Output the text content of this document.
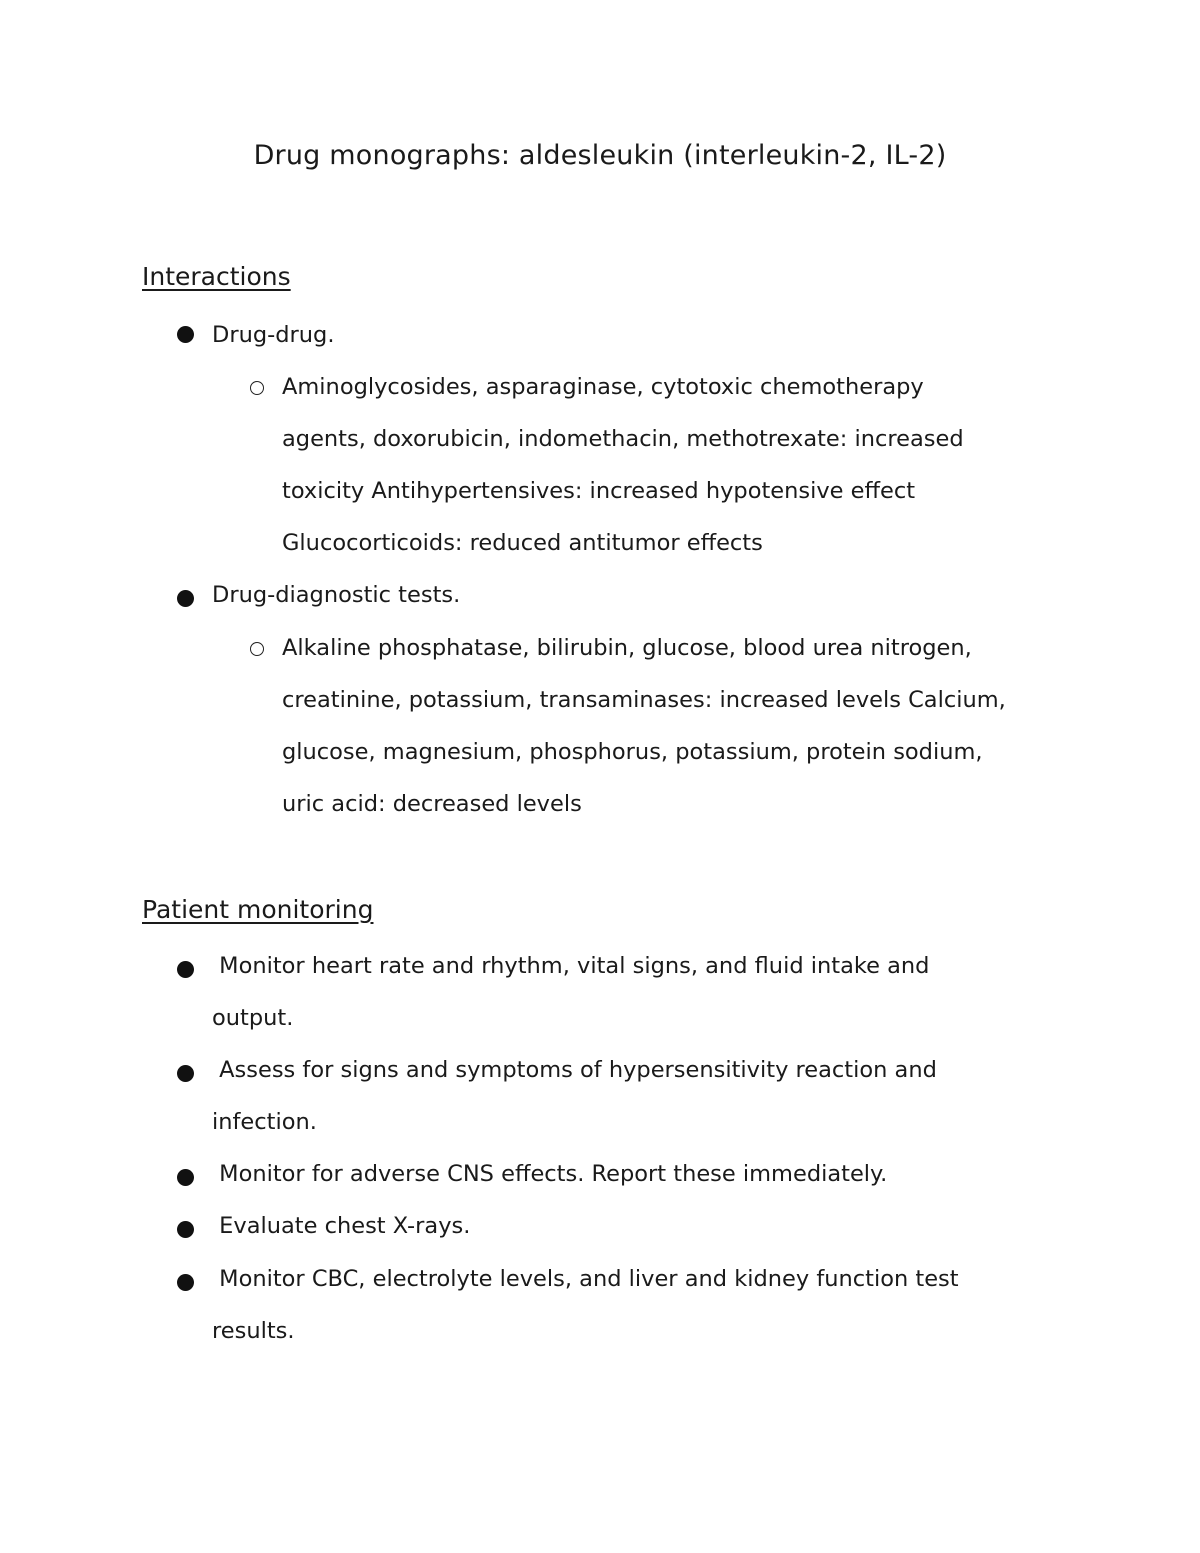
Drug monographs: aldesleukin (interleukin-2, IL-2)
Interactions
Drug-drug.
Aminoglycosides, asparaginase, cytotoxic chemotherapy
agents, doxorubicin, indomethacin, methotrexate: increased
toxicity Antihypertensives: increased hypotensive effect
Glucocorticoids: reduced antitumor effects
Drug-diagnostic tests.
Alkaline phosphatase, bilirubin, glucose, blood urea nitrogen,
creatinine, potassium, transaminases: increased levels Calcium,
glucose, magnesium, phosphorus, potassium, protein sodium,
uric acid: decreased levels
Patient monitoring
Monitor heart rate and rhythm, vital signs, and fluid intake and
output.
Assess for signs and symptoms of hypersensitivity reaction and
infection.
Monitor for adverse CNS effects. Report these immediately.
Evaluate chest X-rays.
Monitor CBC, electrolyte levels, and liver and kidney function test
results.
